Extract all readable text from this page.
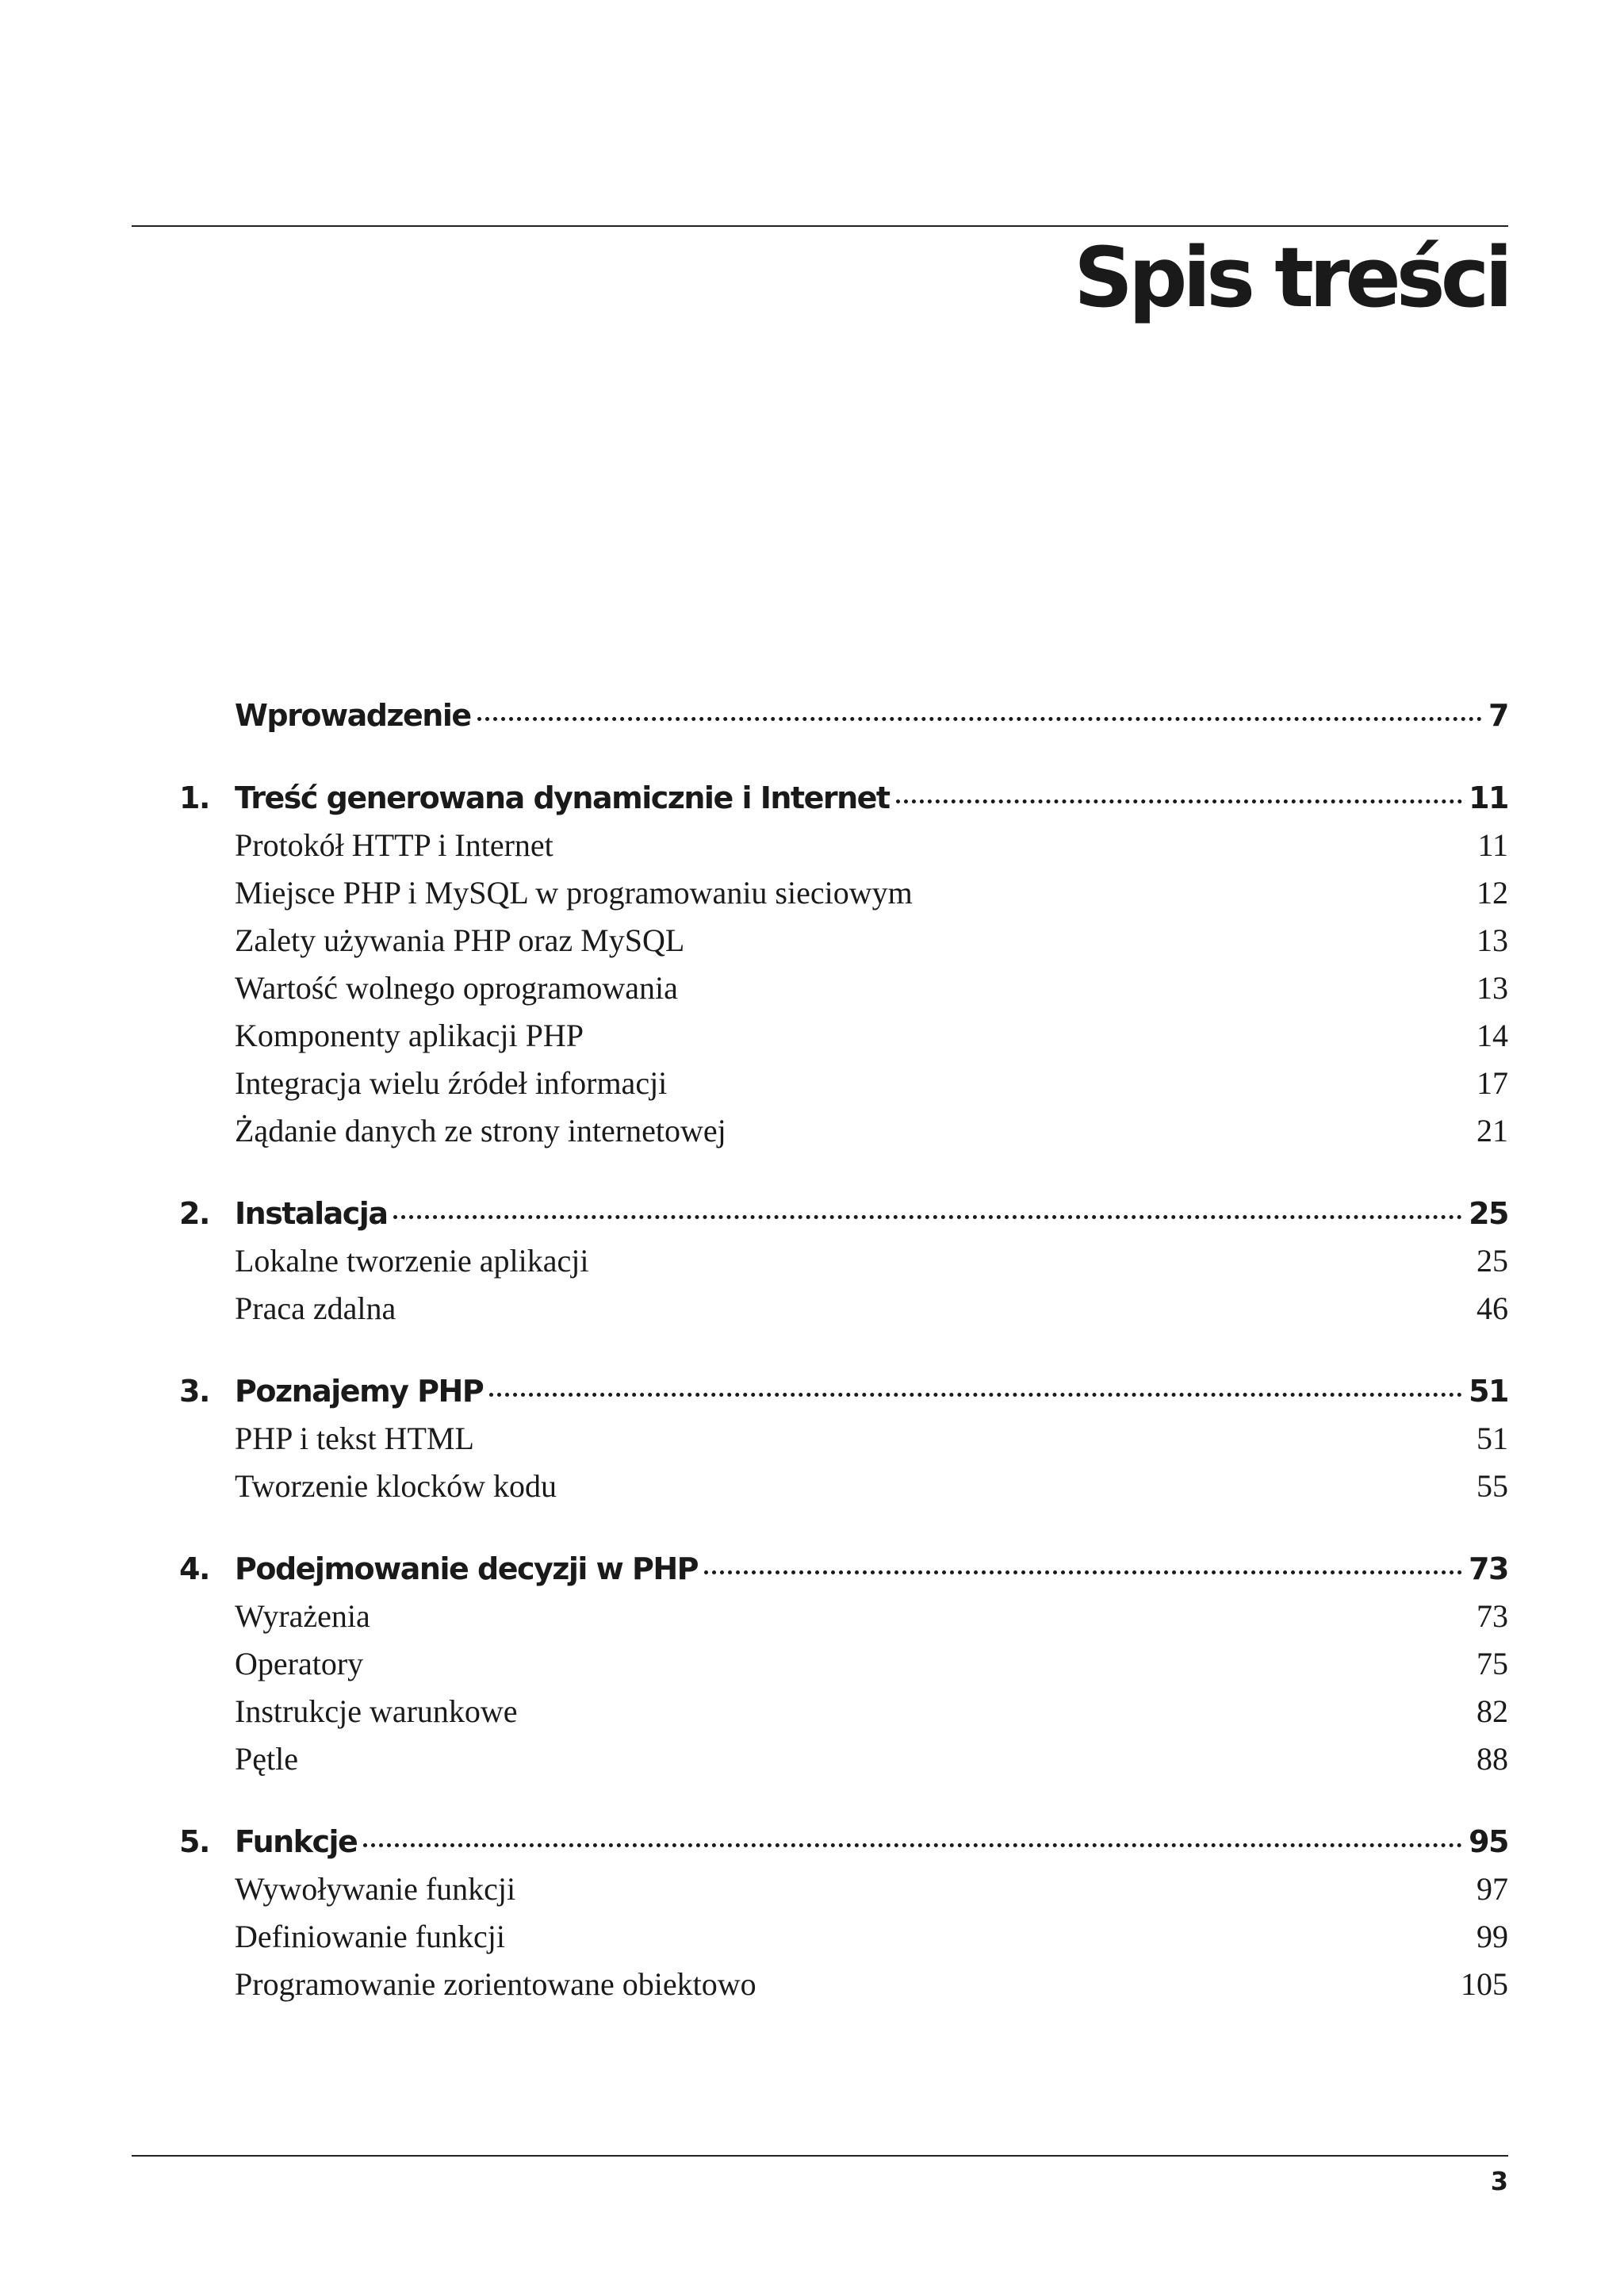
Spis treści
Wprowadzenie	7
1. Treść generowana dynamicznie i Internet	11
Protokół HTTP i Internet	11
Miejsce PHP i MySQL w programowaniu sieciowym	12
Zalety używania PHP oraz MySQL	13
Wartość wolnego oprogramowania	13
Komponenty aplikacji PHP	14
Integracja wielu źródeł informacji	17
Żądanie danych ze strony internetowej	21
2. Instalacja	25
Lokalne tworzenie aplikacji	25
Praca zdalna	46
3. Poznajemy PHP	51
PHP i tekst HTML	51
Tworzenie klocków kodu	55
4. Podejmowanie decyzji w PHP	73
Wyrażenia	73
Operatory	75
Instrukcje warunkowe	82
Pętle	88
5. Funkcje	95
Wywoływanie funkcji	97
Definiowanie funkcji	99
Programowanie zorientowane obiektowo	105
3
